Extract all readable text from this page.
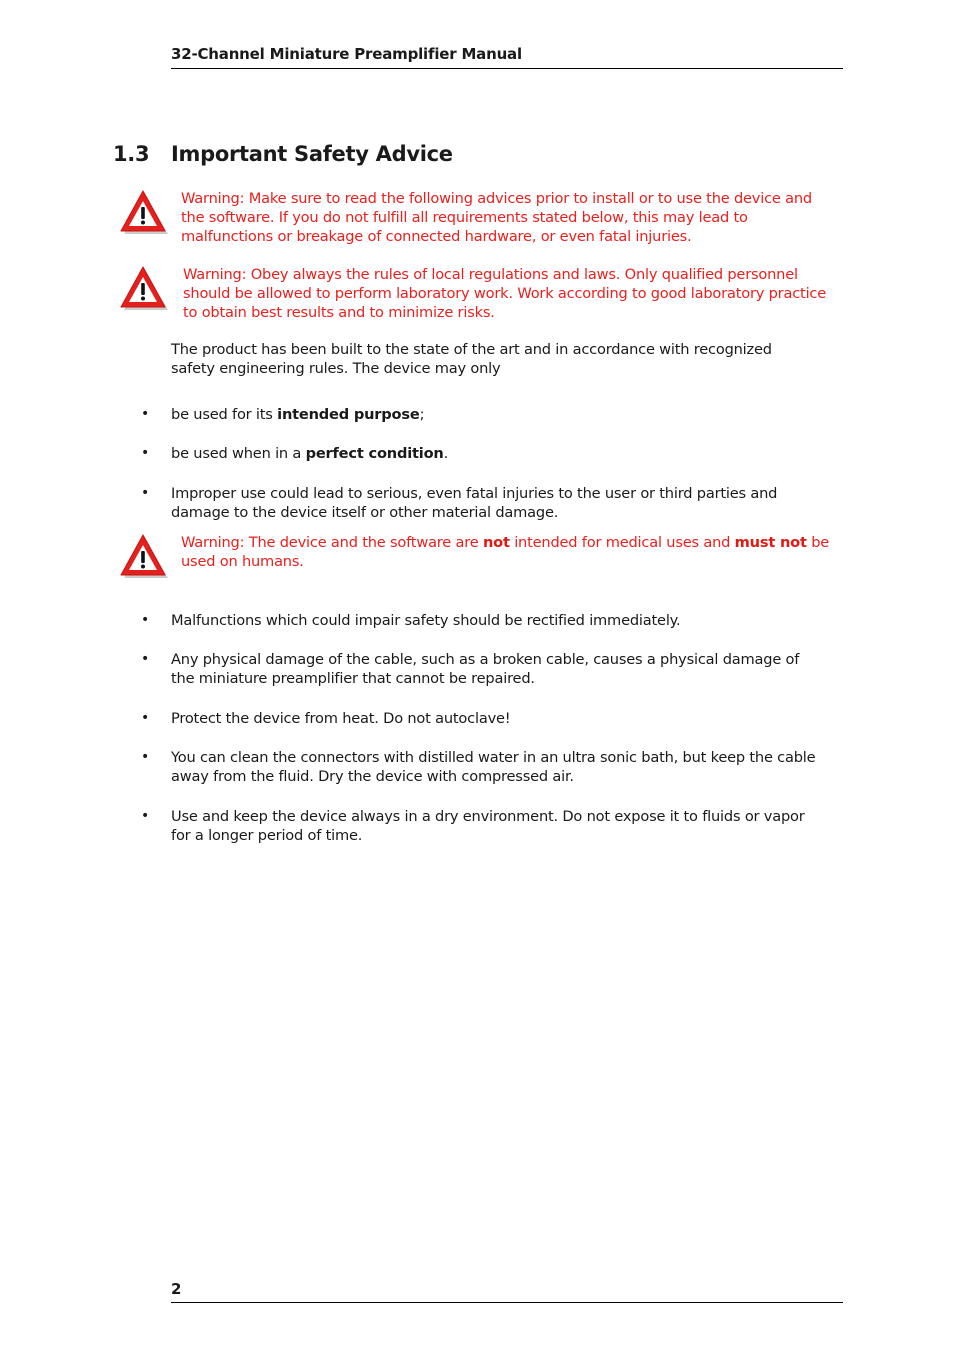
32-Channel Miniature Preamplifier Manual
1.3 Important Safety Advice
Warning: Make sure to read the following advices prior to install or to use the device and the software. If you do not fulfill all requirements stated below, this may lead to malfunctions or breakage of connected hardware, or even fatal injuries.
Warning: Obey always the rules of local regulations and laws. Only qualified personnel should be allowed to perform laboratory work. Work according to good laboratory practice to obtain best results and to minimize risks.
The product has been built to the state of the art and in accordance with recognized safety engineering rules. The device may only
• be used for its intended purpose;
• be used when in a perfect condition.
• Improper use could lead to serious, even fatal injuries to the user or third parties and damage to the device itself or other material damage.
Warning: The device and the software are not intended for medical uses and must not be used on humans.
• Malfunctions which could impair safety should be rectified immediately.
• Any physical damage of the cable, such as a broken cable, causes a physical damage of the miniature preamplifier that cannot be repaired.
• Protect the device from heat. Do not autoclave!
• You can clean the connectors with distilled water in an ultra sonic bath, but keep the cable away from the fluid. Dry the device with compressed air.
• Use and keep the device always in a dry environment. Do not expose it to fluids or vapor for a longer period of time.
2
